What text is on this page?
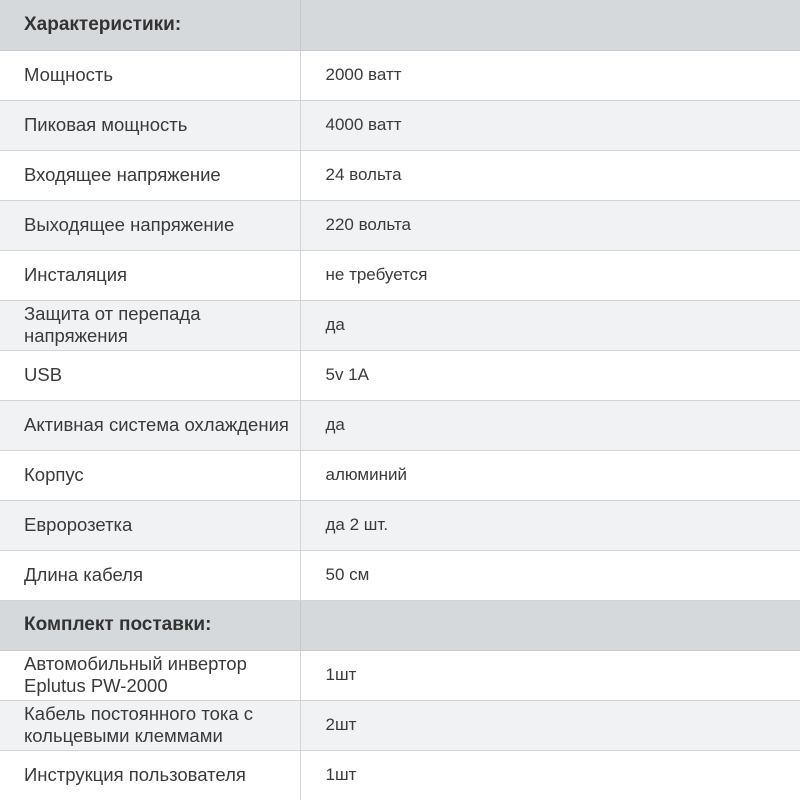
Характеристики:	
Мощность	2000 ватт
Пиковая мощность	4000 ватт
Входящее напряжение	24 вольта
Выходящее напряжение	220 вольта
Инсталяция	не требуется
Защита от перепада напряжения	да
USB	5v 1A
Активная система охлаждения	да
Корпус	алюминий
Евророзетка	да 2 шт.
Длина кабеля	50 см
Комплект поставки:	
Автомобильный инвертор Eplutus PW-2000	1шт
Кабель постоянного тока с кольцевыми клеммами	2шт
Инструкция пользователя	1шт
